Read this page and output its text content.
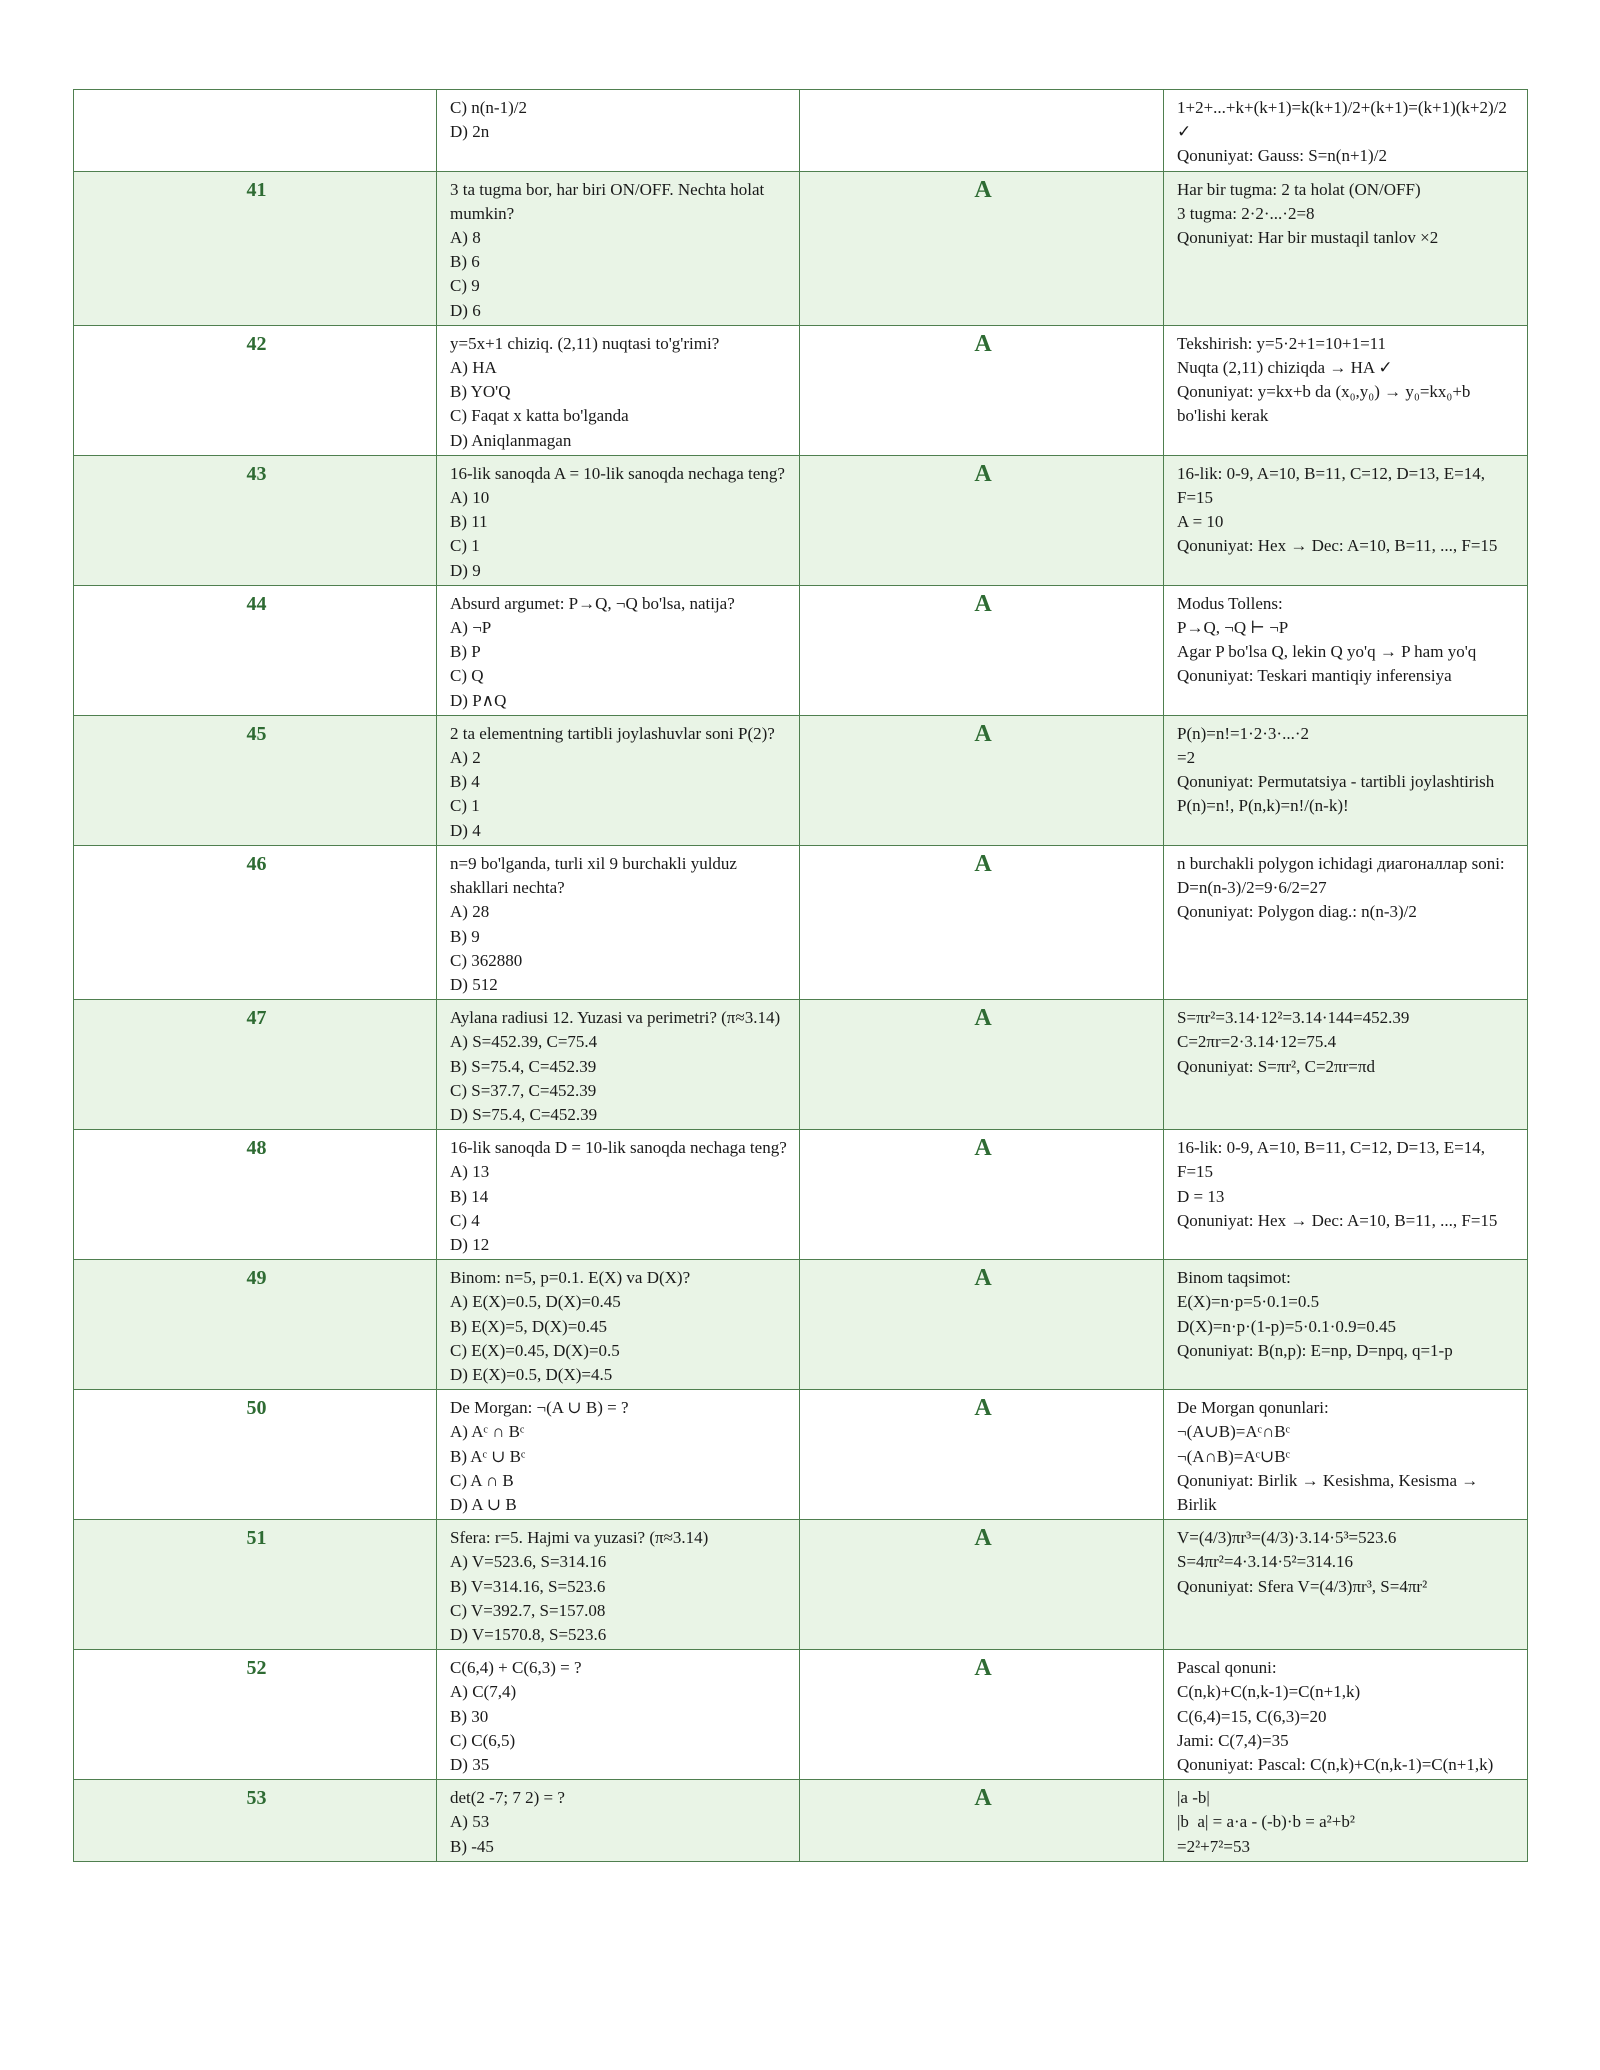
	C) n(n-1)/2
D) 2n		1+2+...+k+(k+1)=k(k+1)/2+(k+1)=(k+1)(k+2)/2 ✓
Qonuniyat: Gauss: S=n(n+1)/2

41	3 ta tugma bor, har biri ON/OFF. Nechta holat mumkin?
A) 8
B) 6
C) 9
D) 6	A	Har bir tugma: 2 ta holat (ON/OFF)
3 tugma: 2·2·...·2=8
Qonuniyat: Har bir mustaqil tanlov ×2

42	y=5x+1 chiziq. (2,11) nuqtasi to'g'rimi?
A) HA
B) YO'Q
C) Faqat x katta bo'lganda
D) Aniqlanmagan	A	Tekshirish: y=5·2+1=10+1=11
Nuqta (2,11) chiziqda → HA ✓
Qonuniyat: y=kx+b da (x₀,y₀) → y₀=kx₀+b bo'lishi kerak

43	16-lik sanoqda A = 10-lik sanoqda nechaga teng?
A) 10
B) 11
C) 1
D) 9	A	16-lik: 0-9, A=10, B=11, C=12, D=13, E=14, F=15
A = 10
Qonuniyat: Hex → Dec: A=10, B=11, ..., F=15

44	Absurd argumet: P→Q, ¬Q bo'lsa, natija?
A) ¬P
B) P
C) Q
D) P∧Q	A	Modus Tollens:
P→Q, ¬Q ⊢ ¬P
Agar P bo'lsa Q, lekin Q yo'q → P ham yo'q
Qonuniyat: Teskari mantiqiy inferensiya

45	2 ta elementning tartibli joylashuvlar soni P(2)?
A) 2
B) 4
C) 1
D) 4	A	P(n)=n!=1·2·3·...·2
=2
Qonuniyat: Permutatsiya - tartibli joylashtirish
P(n)=n!, P(n,k)=n!/(n-k)!

46	n=9 bo'lganda, turli xil 9 burchakli yulduz shakllari nechta?
A) 28
B) 9
C) 362880
D) 512	A	n burchakli polygon ichidagi диагоналлар soni:
D=n(n-3)/2=9·6/2=27
Qonuniyat: Polygon diag.: n(n-3)/2

47	Aylana radiusi 12. Yuzasi va perimetri? (π≈3.14)
A) S=452.39, C=75.4
B) S=75.4, C=452.39
C) S=37.7, C=452.39
D) S=75.4, C=452.39	A	S=πr²=3.14·12²=3.14·144=452.39
C=2πr=2·3.14·12=75.4
Qonuniyat: S=πr², C=2πr=πd

48	16-lik sanoqda D = 10-lik sanoqda nechaga teng?
A) 13
B) 14
C) 4
D) 12	A	16-lik: 0-9, A=10, B=11, C=12, D=13, E=14, F=15
D = 13
Qonuniyat: Hex → Dec: A=10, B=11, ..., F=15

49	Binom: n=5, p=0.1. E(X) va D(X)?
A) E(X)=0.5, D(X)=0.45
B) E(X)=5, D(X)=0.45
C) E(X)=0.45, D(X)=0.5
D) E(X)=0.5, D(X)=4.5	A	Binom taqsimot:
E(X)=n·p=5·0.1=0.5
D(X)=n·p·(1-p)=5·0.1·0.9=0.45
Qonuniyat: B(n,p): E=np, D=npq, q=1-p

50	De Morgan: ¬(A ∪ B) = ?
A) Aᶜ ∩ Bᶜ
B) Aᶜ ∪ Bᶜ
C) A ∩ B
D) A ∪ B	A	De Morgan qonunlari:
¬(A∪B)=Aᶜ∩Bᶜ
¬(A∩B)=Aᶜ∪Bᶜ
Qonuniyat: Birlik → Kesishma, Kesisma → Birlik

51	Sfera: r=5. Hajmi va yuzasi? (π≈3.14)
A) V=523.6, S=314.16
B) V=314.16, S=523.6
C) V=392.7, S=157.08
D) V=1570.8, S=523.6	A	V=(4/3)πr³=(4/3)·3.14·5³=523.6
S=4πr²=4·3.14·5²=314.16
Qonuniyat: Sfera V=(4/3)πr³, S=4πr²

52	C(6,4) + C(6,3) = ?
A) C(7,4)
B) 30
C) C(6,5)
D) 35	A	Pascal qonuni:
C(n,k)+C(n,k-1)=C(n+1,k)
C(6,4)=15, C(6,3)=20
Jami: C(7,4)=35
Qonuniyat: Pascal: C(n,k)+C(n,k-1)=C(n+1,k)

53	det(2 -7; 7 2) = ?
A) 53
B) -45	A	|a -b|
|b  a| = a·a - (-b)·b = a²+b²
=2²+7²=53
